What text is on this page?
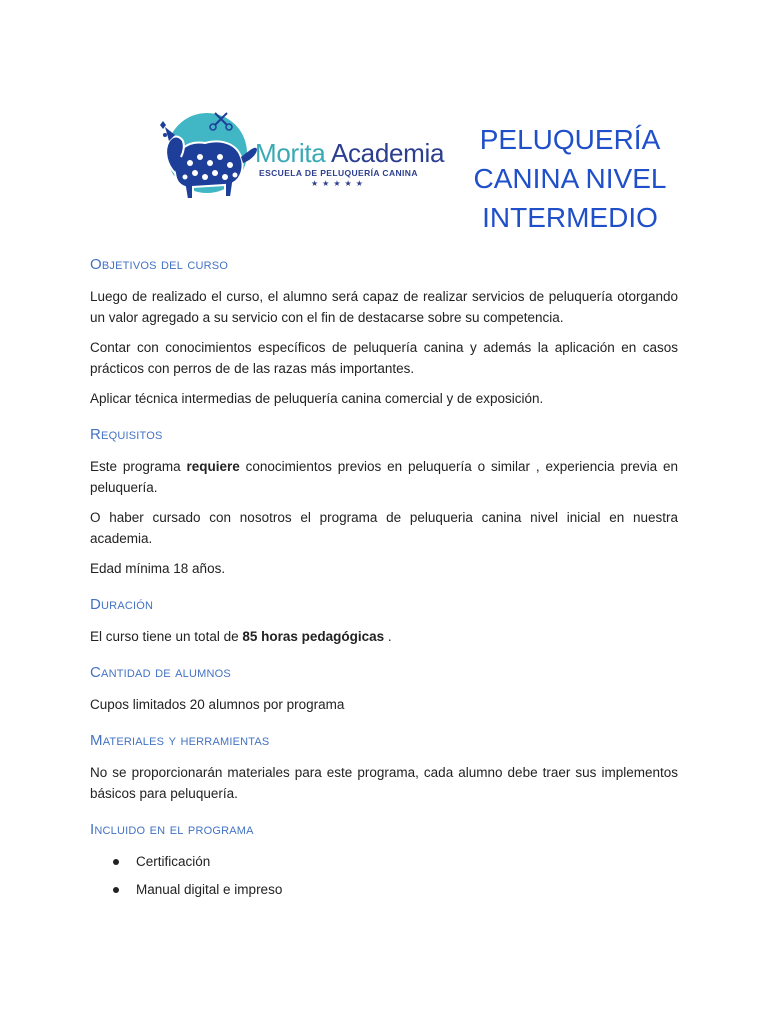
Morita Academia
ESCUELA DE PELUQUERÍA CANINA
★★★★★
PELUQUERÍA
CANINA NIVEL
INTERMEDIO
Objetivos del curso

Luego de realizado el curso, el alumno será capaz de realizar servicios de peluquería otorgando un valor agregado a su servicio con el fin de destacarse sobre su competencia.

Contar con conocimientos específicos de peluquería canina y además la aplicación en casos prácticos con perros de de las razas más importantes.

Aplicar técnica intermedias de peluquería canina comercial y de exposición.

Requisitos

Este programa requiere conocimientos previos en peluquería o similar , experiencia previa en peluquería.

O haber cursado con nosotros el programa de peluqueria canina nivel inicial en nuestra academia.

Edad mínima 18 años.

Duración

El curso tiene un total de 85 horas pedagógicas .

Cantidad de alumnos

Cupos limitados 20 alumnos por programa

Materiales y herramientas

No se proporcionarán materiales para este programa, cada alumno debe traer sus implementos básicos para peluquería.

Incluido en el programa
Certificación
Manual digital e impreso
